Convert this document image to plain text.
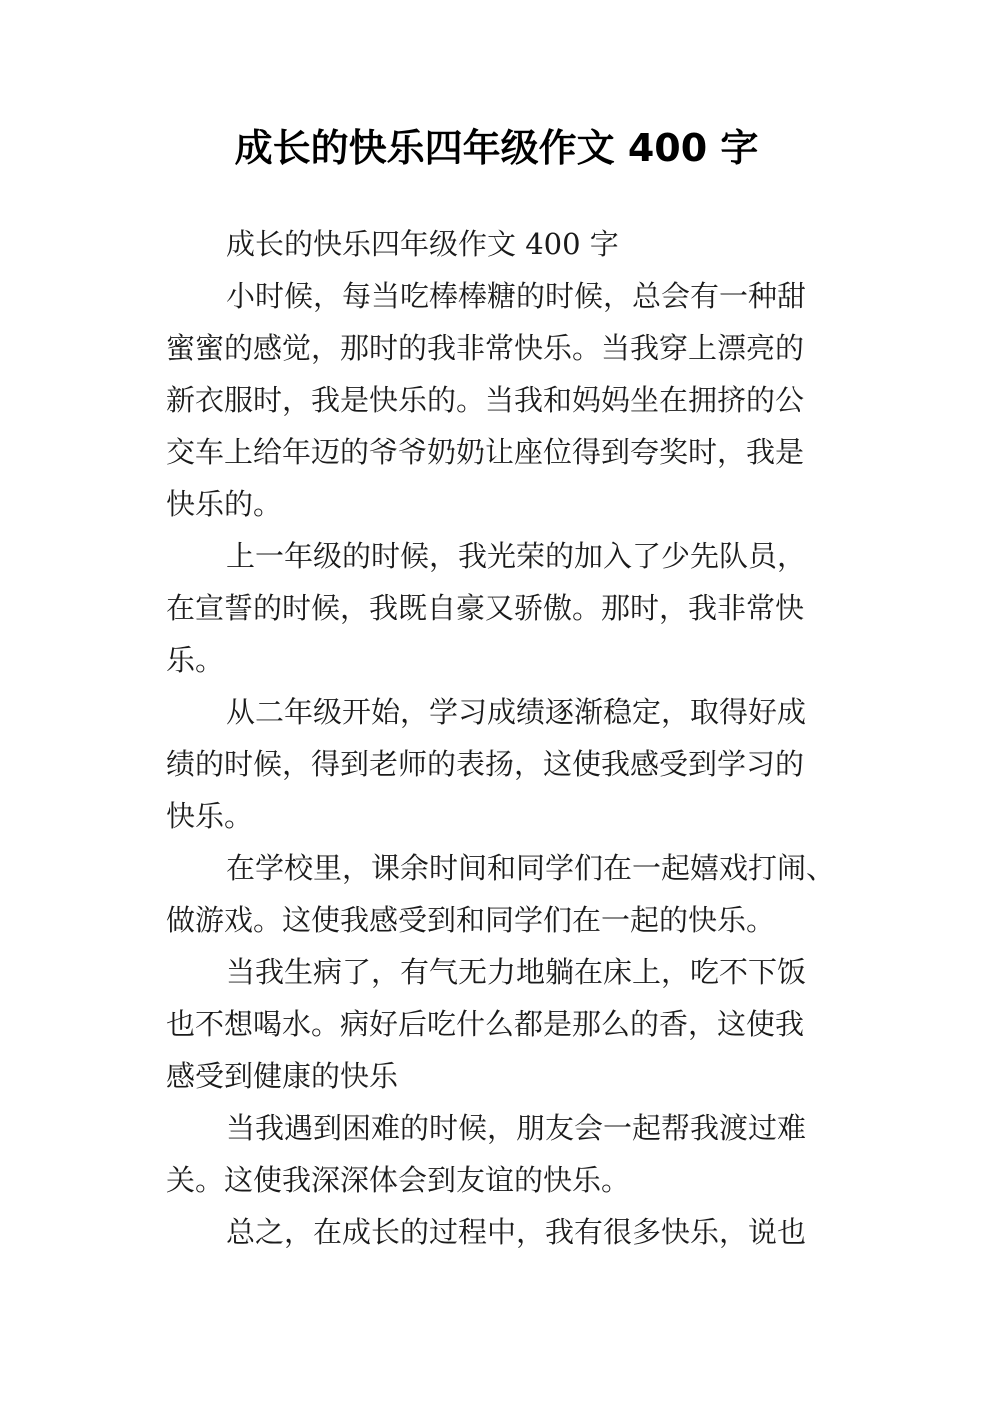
成长的快乐四年级作文 400 字

成长的快乐四年级作文 400 字

小时候，每当吃棒棒糖的时候，总会有一种甜
蜜蜜的感觉，那时的我非常快乐。当我穿上漂亮的
新衣服时，我是快乐的。当我和妈妈坐在拥挤的公
交车上给年迈的爷爷奶奶让座位得到夸奖时，我是
快乐的。

上一年级的时候，我光荣的加入了少先队员，
在宣誓的时候，我既自豪又骄傲。那时，我非常快
乐。

从二年级开始，学习成绩逐渐稳定，取得好成
绩的时候，得到老师的表扬，这使我感受到学习的
快乐。

在学校里，课余时间和同学们在一起嬉戏打闹、
做游戏。这使我感受到和同学们在一起的快乐。

当我生病了，有气无力地躺在床上，吃不下饭
也不想喝水。病好后吃什么都是那么的香，这使我
感受到健康的快乐

当我遇到困难的时候，朋友会一起帮我渡过难
关。这使我深深体会到友谊的快乐。

总之，在成长的过程中，我有很多快乐，说也
